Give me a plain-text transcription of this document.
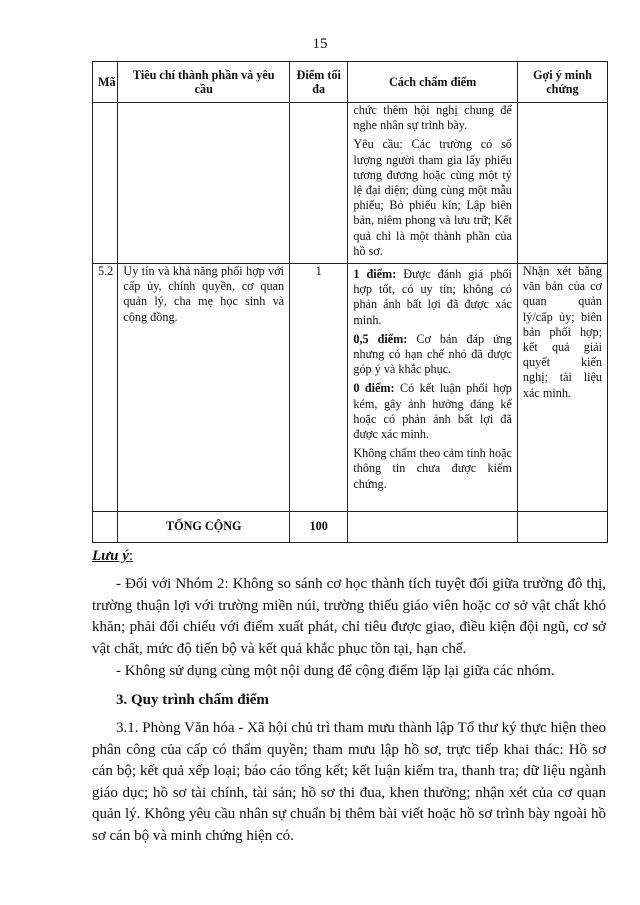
15
Mã	Tiêu chí thành phần và yêu cầu	Điểm tối đa	Cách chấm điểm	Gợi ý minh chứng

			chức thêm hội nghị chung để nghe nhân sự trình bày.

Yêu cầu: Các trường có số lượng người tham gia lấy phiếu tương đương hoặc cùng một tỷ lệ đại diện; dùng cùng một mẫu phiếu; Bỏ phiếu kín; Lập biên bản, niêm phong và lưu trữ; Kết quả chỉ là một thành phần của hồ sơ.	

5.2	Uy tín và khả năng phối hợp với cấp ủy, chính quyền, cơ quan quản lý, cha mẹ học sinh và cộng đồng.	1	1 điểm: Được đánh giá phối hợp tốt, có uy tín; không có phản ánh bất lợi đã được xác minh.

0,5 điểm: Cơ bản đáp ứng nhưng có hạn chế nhỏ đã được góp ý và khắc phục.

0 điểm: Có kết luận phối hợp kém, gây ảnh hưởng đáng kể hoặc có phản ánh bất lợi đã được xác minh.

Không chấm theo cảm tính hoặc thông tin chưa được kiểm chứng.	Nhận xét bằng văn bản của cơ quan quản lý/cấp ủy; biên bản phối hợp; kết quả giải quyết kiến nghị; tài liệu xác minh.
	TỔNG CỘNG	100		
Lưu ý:
- Đối với Nhóm 2: Không so sánh cơ học thành tích tuyệt đối giữa trường đô thị, trường thuận lợi với trường miền núi, trường thiếu giáo viên hoặc cơ sở vật chất khó khăn; phải đối chiếu với điểm xuất phát, chỉ tiêu được giao, điều kiện đội ngũ, cơ sở vật chất, mức độ tiến bộ và kết quả khắc phục tồn tại, hạn chế.
- Không sử dụng cùng một nội dung để cộng điểm lặp lại giữa các nhóm.
3. Quy trình chấm điểm
3.1. Phòng Văn hóa - Xã hội chủ trì tham mưu thành lập Tổ thư ký thực hiện theo phân công của cấp có thẩm quyền; tham mưu lập hồ sơ, trực tiếp khai thác: Hồ sơ cán bộ; kết quả xếp loại; báo cáo tổng kết; kết luận kiểm tra, thanh tra; dữ liệu ngành giáo dục; hồ sơ tài chính, tài sản; hồ sơ thi đua, khen thưởng; nhận xét của cơ quan quản lý. Không yêu cầu nhân sự chuẩn bị thêm bài viết hoặc hồ sơ trình bày ngoài hồ sơ cán bộ và minh chứng hiện có.
